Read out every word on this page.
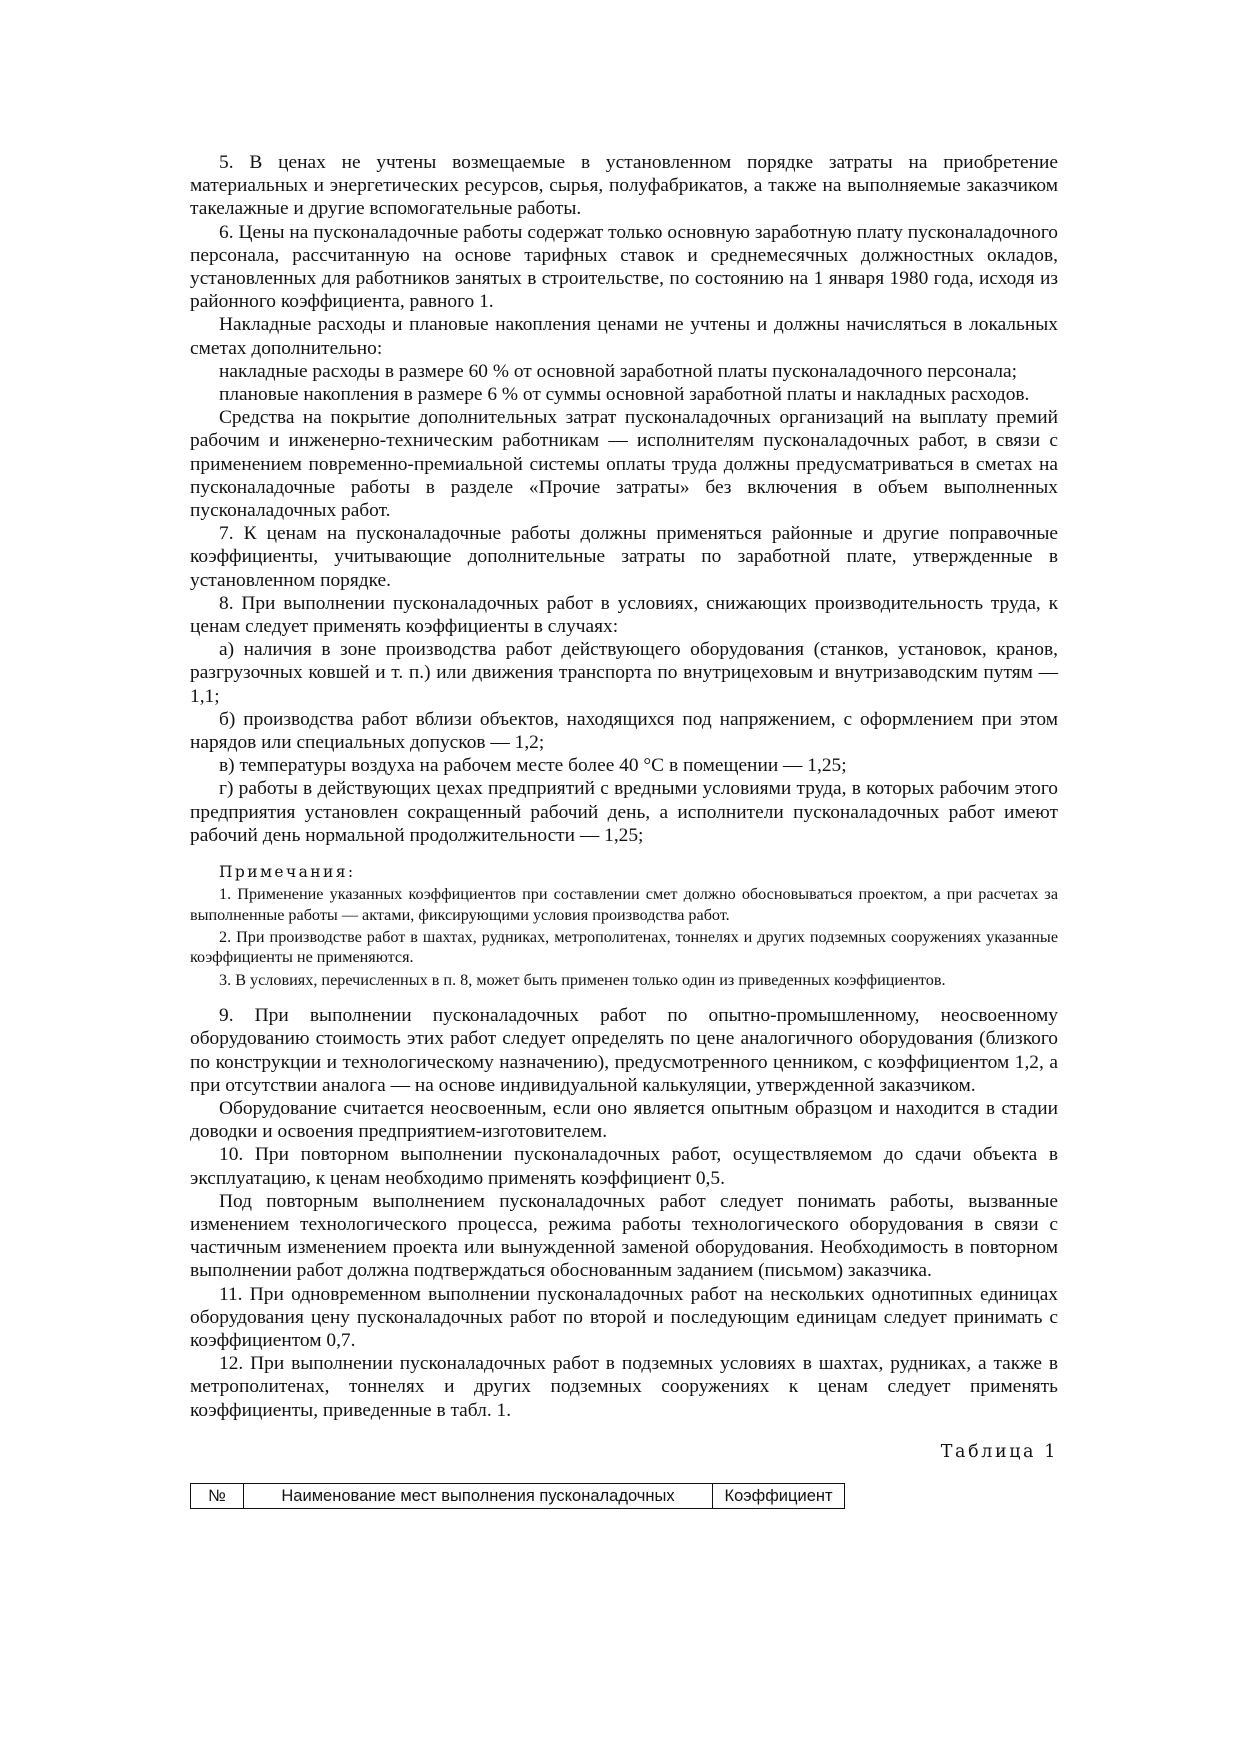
5. В ценах не учтены возмещаемые в установленном порядке затраты на приобретение материальных и энергетических ресурсов, сырья, полуфабрикатов, а также на выполняемые заказчиком такелажные и другие вспомогательные работы.

6. Цены на пусконаладочные работы содержат только основную заработную плату пусконаладочного персонала, рассчитанную на основе тарифных ставок и среднемесячных должностных окладов, установленных для работников занятых в строительстве, по состоянию на 1 января 1980 года, исходя из районного коэффициента, равного 1.

Накладные расходы и плановые накопления ценами не учтены и должны начисляться в локальных сметах дополнительно:

накладные расходы в размере 60 % от основной заработной платы пусконаладочного персонала;

плановые накопления в размере 6 % от суммы основной заработной платы и накладных расходов.

Средства на покрытие дополнительных затрат пусконаладочных организаций на выплату премий рабочим и инженерно-техническим работникам — исполнителям пусконаладочных работ, в связи с применением повременно-премиальной системы оплаты труда должны предусматриваться в сметах на пусконаладочные работы в разделе «Прочие затраты» без включения в объем выполненных пусконаладочных работ.

7. К ценам на пусконаладочные работы должны применяться районные и другие поправочные коэффициенты, учитывающие дополнительные затраты по заработной плате, утвержденные в установленном порядке.

8. При выполнении пусконаладочных работ в условиях, снижающих производительность труда, к ценам следует применять коэффициенты в случаях:

а) наличия в зоне производства работ действующего оборудования (станков, установок, кранов, разгрузочных ковшей и т. п.) или движения транспорта по внутрицеховым и внутризаводским путям — 1,1;

б) производства работ вблизи объектов, находящихся под напряжением, с оформлением при этом нарядов или специальных допусков — 1,2;

в) температуры воздуха на рабочем месте более 40 °С в помещении — 1,25;

г) работы в действующих цехах предприятий с вредными условиями труда, в которых рабочим этого предприятия установлен сокращенный рабочий день, а исполнители пусконаладочных работ имеют рабочий день нормальной продолжительности — 1,25;

Примечания:

1. Применение указанных коэффициентов при составлении смет должно обосновываться проектом, а при расчетах за выполненные работы — актами, фиксирующими условия производства работ.

2. При производстве работ в шахтах, рудниках, метрополитенах, тоннелях и других подземных сооружениях указанные коэффициенты не применяются.

3. В условиях, перечисленных в п. 8, может быть применен только один из приведенных коэффициентов.

9. При выполнении пусконаладочных работ по опытно-промышленному, неосвоенному оборудованию стоимость этих работ следует определять по цене аналогичного оборудования (близкого по конструкции и технологическому назначению), предусмотренного ценником, с коэффициентом 1,2, а при отсутствии аналога — на основе индивидуальной калькуляции, утвержденной заказчиком.

Оборудование считается неосвоенным, если оно является опытным образцом и находится в стадии доводки и освоения предприятием-изготовителем.

10. При повторном выполнении пусконаладочных работ, осуществляемом до сдачи объекта в эксплуатацию, к ценам необходимо применять коэффициент 0,5.

Под повторным выполнением пусконаладочных работ следует понимать работы, вызванные изменением технологического процесса, режима работы технологического оборудования в связи с частичным изменением проекта или вынужденной заменой оборудования. Необходимость в повторном выполнении работ должна подтверждаться обоснованным заданием (письмом) заказчика.

11. При одновременном выполнении пусконаладочных работ на нескольких однотипных единицах оборудования цену пусконаладочных работ по второй и последующим единицам следует принимать с коэффициентом 0,7.

12. При выполнении пусконаладочных работ в подземных условиях в шахтах, рудниках, а также в метрополитенах, тоннелях и других подземных сооружениях к ценам следует применять коэффициенты, приведенные в табл. 1.

Таблица 1
№	Наименование мест выполнения пусконаладочных	Коэффициент
